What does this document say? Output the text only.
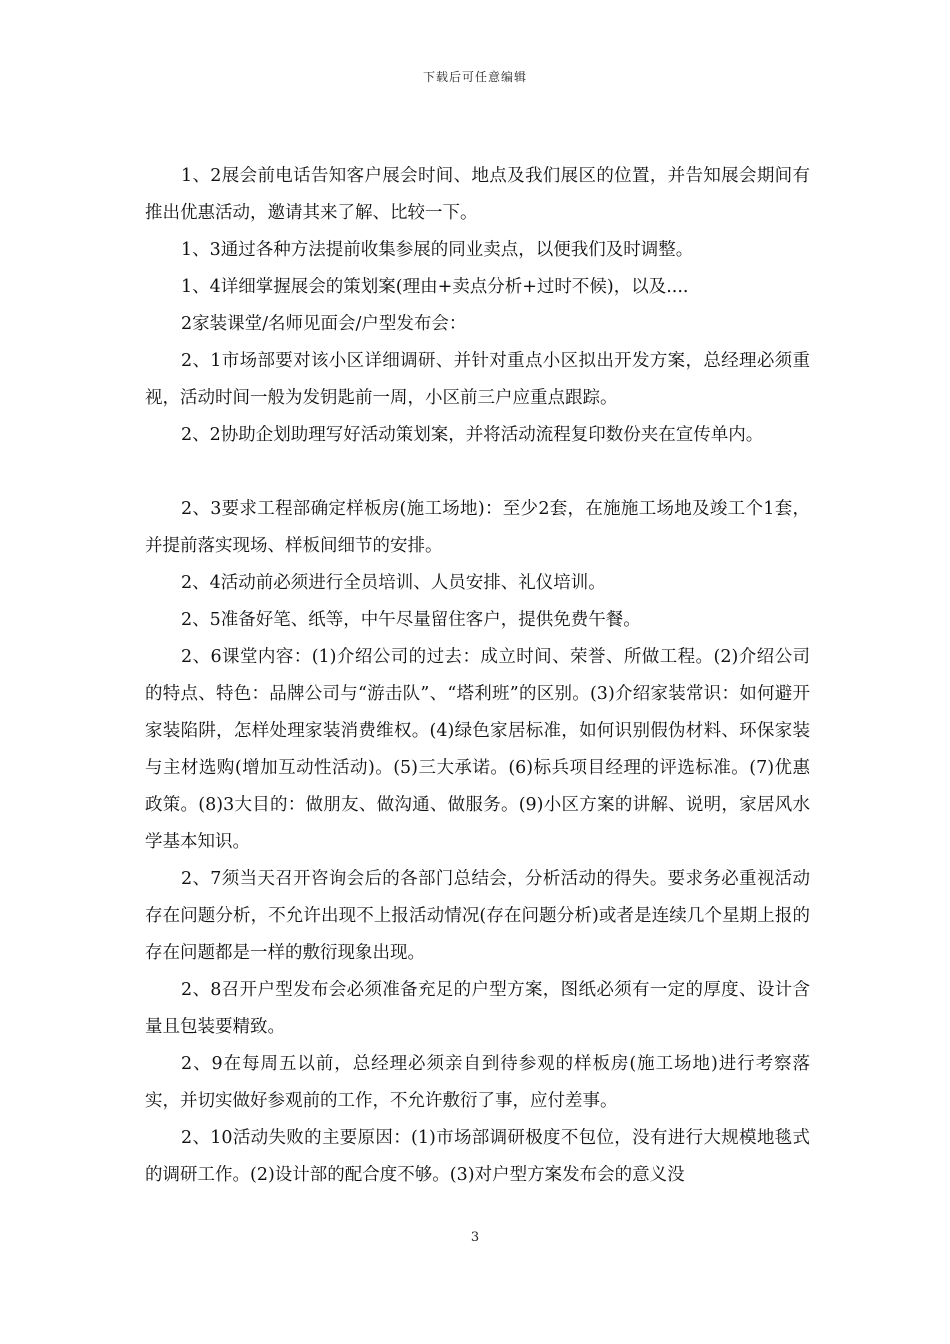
下载后可任意编辑

1、2展会前电话告知客户展会时间、地点及我们展区的位置，并告知展会期间有推出优惠活动，邀请其来了解、比较一下。

1、3通过各种方法提前收集参展的同业卖点，以便我们及时调整。

1、4详细掌握展会的策划案(理由+卖点分析+过时不候)，以及....

2家装课堂/名师见面会/户型发布会：

2、1市场部要对该小区详细调研、并针对重点小区拟出开发方案，总经理必须重视，活动时间一般为发钥匙前一周，小区前三户应重点跟踪。

2、2协助企划助理写好活动策划案，并将活动流程复印数份夹在宣传单内。

2、3要求工程部确定样板房(施工场地)：至少2套，在施施工场地及竣工个1套，并提前落实现场、样板间细节的安排。

2、4活动前必须进行全员培训、人员安排、礼仪培训。

2、5准备好笔、纸等，中午尽量留住客户，提供免费午餐。

2、6课堂内容：(1)介绍公司的过去：成立时间、荣誉、所做工程。(2)介绍公司的特点、特色：品牌公司与“游击队”、“塔利班”的区别。(3)介绍家装常识：如何避开家装陷阱，怎样处理家装消费维权。(4)绿色家居标准，如何识别假伪材料、环保家装与主材选购(增加互动性活动)。(5)三大承诺。(6)标兵项目经理的评选标准。(7)优惠政策。(8)3大目的：做朋友、做沟通、做服务。(9)小区方案的讲解、说明，家居风水学基本知识。

2、7须当天召开咨询会后的各部门总结会，分析活动的得失。要求务必重视活动存在问题分析，不允许出现不上报活动情况(存在问题分析)或者是连续几个星期上报的存在问题都是一样的敷衍现象出现。

2、8召开户型发布会必须准备充足的户型方案，图纸必须有一定的厚度、设计含量且包装要精致。

2、9在每周五以前，总经理必须亲自到待参观的样板房(施工场地)进行考察落实，并切实做好参观前的工作，不允许敷衍了事，应付差事。

2、10活动失败的主要原因：(1)市场部调研极度不包位，没有进行大规模地毯式的调研工作。(2)设计部的配合度不够。(3)对户型方案发布会的意义没

3
